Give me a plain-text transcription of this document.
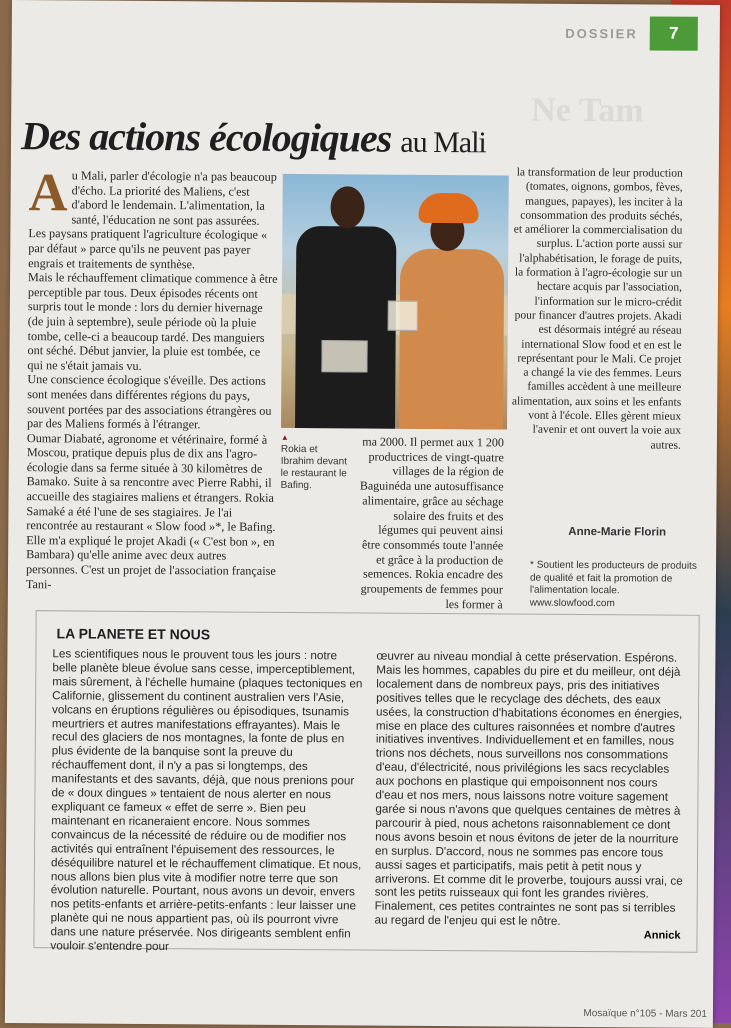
DOSSIER	7
Ne Tam
Des actions écologiques au Mali
A u Mali, parler d'écologie n'a pas beaucoup d'écho. La priorité des Maliens, c'est d'abord le lendemain. L'alimentation, la santé, l'éducation ne sont pas assurées. Les paysans pratiquent l'agriculture écologique « par défaut » parce qu'ils ne peuvent pas payer engrais et traitements de synthèse.

Mais le réchauffement climatique commence à être perceptible par tous. Deux épisodes récents ont surpris tout le monde : lors du dernier hivernage (de juin à septembre), seule période où la pluie tombe, celle-ci a beaucoup tardé. Des manguiers ont séché. Début janvier, la pluie est tombée, ce qui ne s'était jamais vu.

Une conscience écologique s'éveille. Des actions sont menées dans différentes régions du pays, souvent portées par des associations étrangères ou par des Maliens formés à l'étranger.

Oumar Diabaté, agronome et vétérinaire, formé à Moscou, pratique depuis plus de dix ans l'agro-écologie dans sa ferme située à 30 kilomètres de Bamako. Suite à sa rencontre avec Pierre Rabhi, il accueille des stagiaires maliens et étrangers. Rokia Samaké a été l'une de ses stagiaires. Je l'ai rencontrée au restaurant « Slow food »*, le Bafing. Elle m'a expliqué le projet Akadi (« C'est bon », en Bambara) qu'elle anime avec deux autres personnes. C'est un projet de l'association française Tani-

▲
Rokia et Ibrahim devant le restaurant le Bafing.

ma 2000. Il permet aux 1 200 productrices de vingt-quatre villages de la région de Baguinéda une autosuffisance alimentaire, grâce au séchage solaire des fruits et des légumes qui peuvent ainsi être consommés toute l'année et grâce à la production de semences. Rokia encadre des groupements de femmes pour les former à

la transformation de leur production (tomates, oignons, gombos, fèves, mangues, papayes), les inciter à la consommation des produits séchés, et améliorer la commercialisation du surplus. L'action porte aussi sur l'alphabétisation, le forage de puits, la formation à l'agro-écologie sur un hectare acquis par l'association, l'information sur le micro-crédit pour financer d'autres projets. Akadi est désormais intégré au réseau international Slow food et en est le représentant pour le Mali. Ce projet a changé la vie des femmes. Leurs familles accèdent à une meilleure alimentation, aux soins et les enfants vont à l'école. Elles gèrent mieux l'avenir et ont ouvert la voie aux autres.

Anne-Marie Florin
* Soutient les producteurs de produits de qualité et fait la promotion de l'alimentation locale. www.slowfood.com
LA PLANETE ET NOUS

Les scientifiques nous le prouvent tous les jours : notre belle planète bleue évolue sans cesse, imperceptiblement, mais sûrement, à l'échelle humaine (plaques tectoniques en Californie, glissement du continent australien vers l'Asie, volcans en éruptions régulières ou épisodiques, tsunamis meurtriers et autres manifestations effrayantes). Mais le recul des glaciers de nos montagnes, la fonte de plus en plus évidente de la banquise sont la preuve du réchauffement dont, il n'y a pas si longtemps, des manifestants et des savants, déjà, que nous prenions pour de « doux dingues » tentaient de nous alerter en nous expliquant ce fameux « effet de serre ». Bien peu maintenant en ricaneraient encore. Nous sommes convaincus de la nécessité de réduire ou de modifier nos activités qui entraînent l'épuisement des ressources, le déséquilibre naturel et le réchauffement climatique. Et nous, nous allons bien plus vite à modifier notre terre que son évolution naturelle. Pourtant, nous avons un devoir, envers nos petits-enfants et arrière-petits-enfants : leur laisser une planète qui ne nous appartient pas, où ils pourront vivre dans une nature préservée. Nos dirigeants semblent enfin vouloir s'entendre pour

œuvrer au niveau mondial à cette préservation. Espérons. Mais les hommes, capables du pire et du meilleur, ont déjà localement dans de nombreux pays, pris des initiatives positives telles que le recyclage des déchets, des eaux usées, la construction d'habitations économes en énergies, mise en place des cultures raisonnées et nombre d'autres initiatives inventives. Individuellement et en familles, nous trions nos déchets, nous surveillons nos consommations d'eau, d'électricité, nous privilégions les sacs recyclables aux pochons en plastique qui empoisonnent nos cours d'eau et nos mers, nous laissons notre voiture sagement garée si nous n'avons que quelques centaines de mètres à parcourir à pied, nous achetons raisonnablement ce dont nous avons besoin et nous évitons de jeter de la nourriture en surplus. D'accord, nous ne sommes pas encore tous aussi sages et participatifs, mais petit à petit nous y arriverons. Et comme dit le proverbe, toujours aussi vrai, ce sont les petits ruisseaux qui font les grandes rivières. Finalement, ces petites contraintes ne sont pas si terribles au regard de l'enjeu qui est le nôtre.

Annick
Mosaïque n°105 - Mars 201
